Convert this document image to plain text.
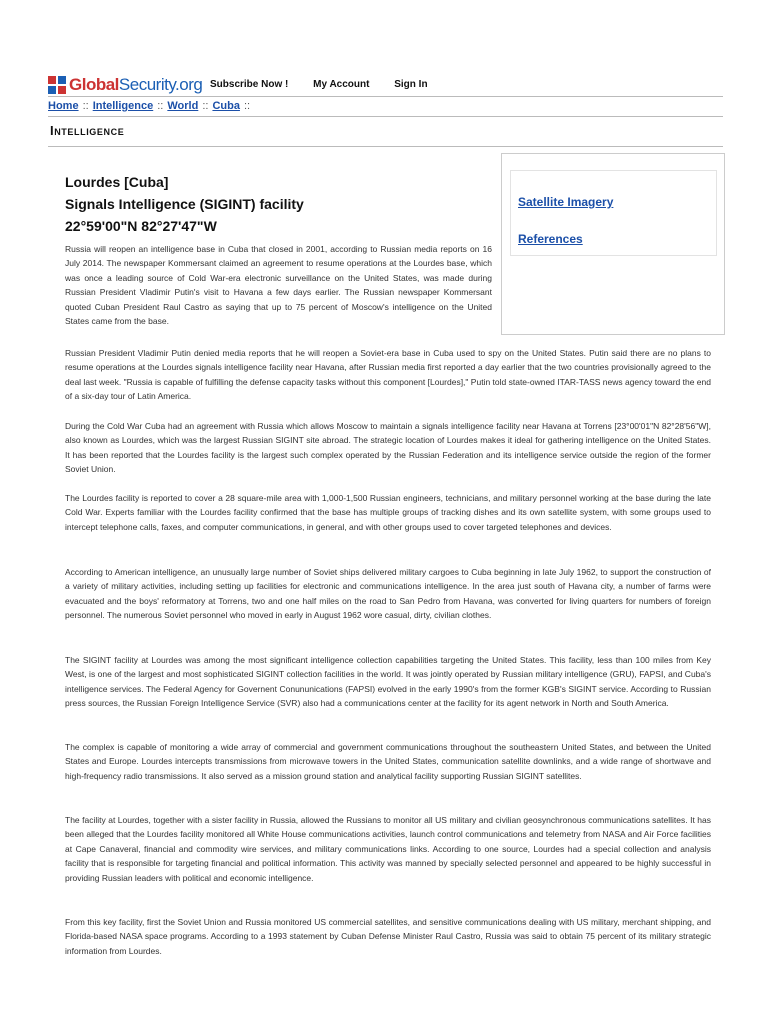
Global Security.org Subscribe Now ! My Account Sign In
Home :: Intelligence :: World :: Cuba ::
Intelligence
Lourdes [Cuba]
Signals Intelligence (SIGINT) facility
22°59'00"N 82°27'47"W
Satellite Imagery
References

Russia will reopen an intelligence base in Cuba that closed in 2001, according to Russian media reports on 16 July 2014. The newspaper Kommersant claimed an agreement to resume operations at the Lourdes base, which was once a leading source of Cold War-era electronic surveillance on the United States, was made during Russian President Vladimir Putin's visit to Havana a few days earlier. The Russian newspaper Kommersant quoted Cuban President Raul Castro as saying that up to 75 percent of Moscow's intelligence on the United States came from the base.

Russian President Vladimir Putin denied media reports that he will reopen a Soviet-era base in Cuba used to spy on the United States. Putin said there are no plans to resume operations at the Lourdes signals intelligence facility near Havana, after Russian media first reported a day earlier that the two countries provisionally agreed to the deal last week. "Russia is capable of fulfilling the defense capacity tasks without this component [Lourdes]," Putin told state-owned ITAR-TASS news agency toward the end of a six-day tour of Latin America.

During the Cold War Cuba had an agreement with Russia which allows Moscow to maintain a signals intelligence facility near Havana at Torrens [23°00'01"N 82°28'56"W], also known as Lourdes, which was the largest Russian SIGINT site abroad. The strategic location of Lourdes makes it ideal for gathering intelligence on the United States. It has been reported that the Lourdes facility is the largest such complex operated by the Russian Federation and its intelligence service outside the region of the former Soviet Union.

The Lourdes facility is reported to cover a 28 square-mile area with 1,000-1,500 Russian engineers, technicians, and military personnel working at the base during the late Cold War. Experts familiar with the Lourdes facility confirmed that the base has multiple groups of tracking dishes and its own satellite system, with some groups used to intercept telephone calls, faxes, and computer communications, in general, and with other groups used to cover targeted telephones and devices.

According to American intelligence, an unusually large number of Soviet ships delivered military cargoes to Cuba beginning in late July 1962, to support the construction of a variety of military activities, including setting up facilities for electronic and communications intelligence. In the area just south of Havana city, a number of farms were evacuated and the boys' reformatory at Torrens, two and one half miles on the road to San Pedro from Havana, was converted for living quarters for numbers of foreign personnel. The numerous Soviet personnel who moved in early in August 1962 wore casual, dirty, civilian clothes.

The SIGINT facility at Lourdes was among the most significant intelligence collection capabilities targeting the United States. This facility, less than 100 miles from Key West, is one of the largest and most sophisticated SIGINT collection facilities in the world. It was jointly operated by Russian military intelligence (GRU), FAPSI, and Cuba's intelligence services. The Federal Agency for Governent Conununications (FAPSI) evolved in the early 1990's from the former KGB's SIGINT service. According to Russian press sources, the Russian Foreign Intelligence Service (SVR) also had a communications center at the facility for its agent network in North and South America.

The complex is capable of monitoring a wide array of commercial and government communications throughout the southeastern United States, and between the United States and Europe. Lourdes intercepts transmissions from microwave towers in the United States, communication satellite downlinks, and a wide range of shortwave and high-frequency radio transmissions. It also served as a mission ground station and analytical facility supporting Russian SIGINT satellites.

The facility at Lourdes, together with a sister facility in Russia, allowed the Russians to monitor all US military and civilian geosynchronous communications satellites. It has been alleged that the Lourdes facility monitored all White House communications activities, launch control communications and telemetry from NASA and Air Force facilities at Cape Canaveral, financial and commodity wire services, and military communications links. According to one source, Lourdes had a special collection and analysis facility that is responsible for targeting financial and political information. This activity was manned by specially selected personnel and appeared to be highly successful in providing Russian leaders with political and economic intelligence.

From this key facility, first the Soviet Union and Russia monitored US commercial satellites, and sensitive communications dealing with US military, merchant shipping, and Florida-based NASA space programs. According to a 1993 statement by Cuban Defense Minister Raul Castro, Russia was said to obtain 75 percent of its military strategic information from Lourdes.
